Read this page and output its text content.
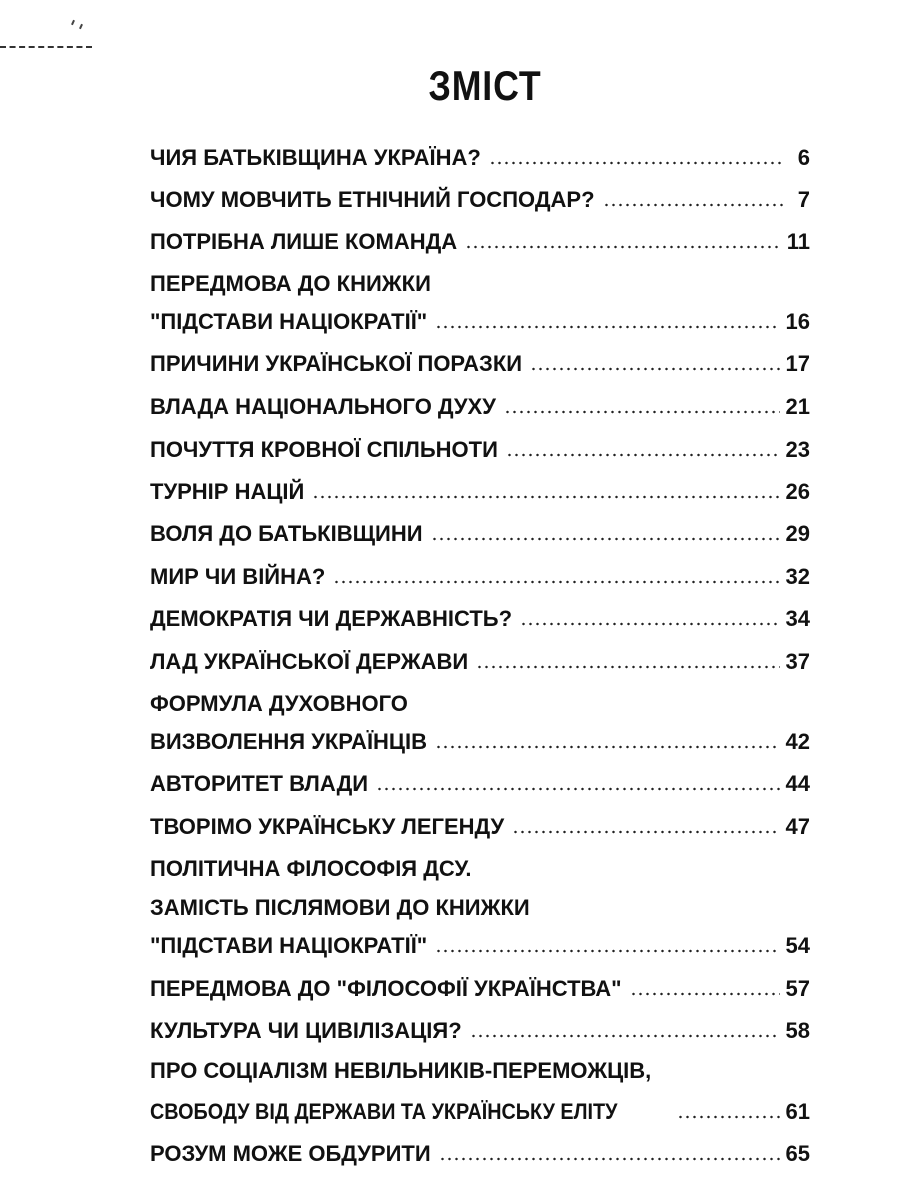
ЗМІСТ
ЧИЯ БАТЬКІВЩИНА УКРАЇНА?	6
ЧОМУ МОВЧИТЬ ЕТНІЧНИЙ ГОСПОДАР?	7
ПОТРІБНА ЛИШЕ КОМАНДА	11
ПЕРЕДМОВА ДО КНИЖКИ
"ПІДСТАВИ НАЦІОКРАТІЇ"	16
ПРИЧИНИ УКРАЇНСЬКОЇ ПОРАЗКИ	17
ВЛАДА НАЦІОНАЛЬНОГО ДУХУ	21
ПОЧУТТЯ КРОВНОЇ СПІЛЬНОТИ	23
ТУРНІР НАЦІЙ	26
ВОЛЯ ДО БАТЬКІВЩИНИ	29
МИР ЧИ ВІЙНА?	32
ДЕМОКРАТІЯ ЧИ ДЕРЖАВНІСТЬ?	34
ЛАД УКРАЇНСЬКОЇ ДЕРЖАВИ	37
ФОРМУЛА ДУХОВНОГО
ВИЗВОЛЕННЯ УКРАЇНЦІВ	42
АВТОРИТЕТ ВЛАДИ	44
ТВОРІМО УКРАЇНСЬКУ ЛЕГЕНДУ	47
ПОЛІТИЧНА ФІЛОСОФІЯ ДСУ.
ЗАМІСТЬ ПІСЛЯМОВИ ДО КНИЖКИ
"ПІДСТАВИ НАЦІОКРАТІЇ"	54
ПЕРЕДМОВА ДО "ФІЛОСОФІЇ УКРАЇНСТВА"	57
КУЛЬТУРА ЧИ ЦИВІЛІЗАЦІЯ?	58
ПРО СОЦІАЛІЗМ НЕВІЛЬНИКІВ-ПЕРЕМОЖЦІВ,
СВОБОДУ ВІД ДЕРЖАВИ ТА УКРАЇНСЬКУ ЕЛІТУ	61
РОЗУМ МОЖЕ ОБДУРИТИ	65
